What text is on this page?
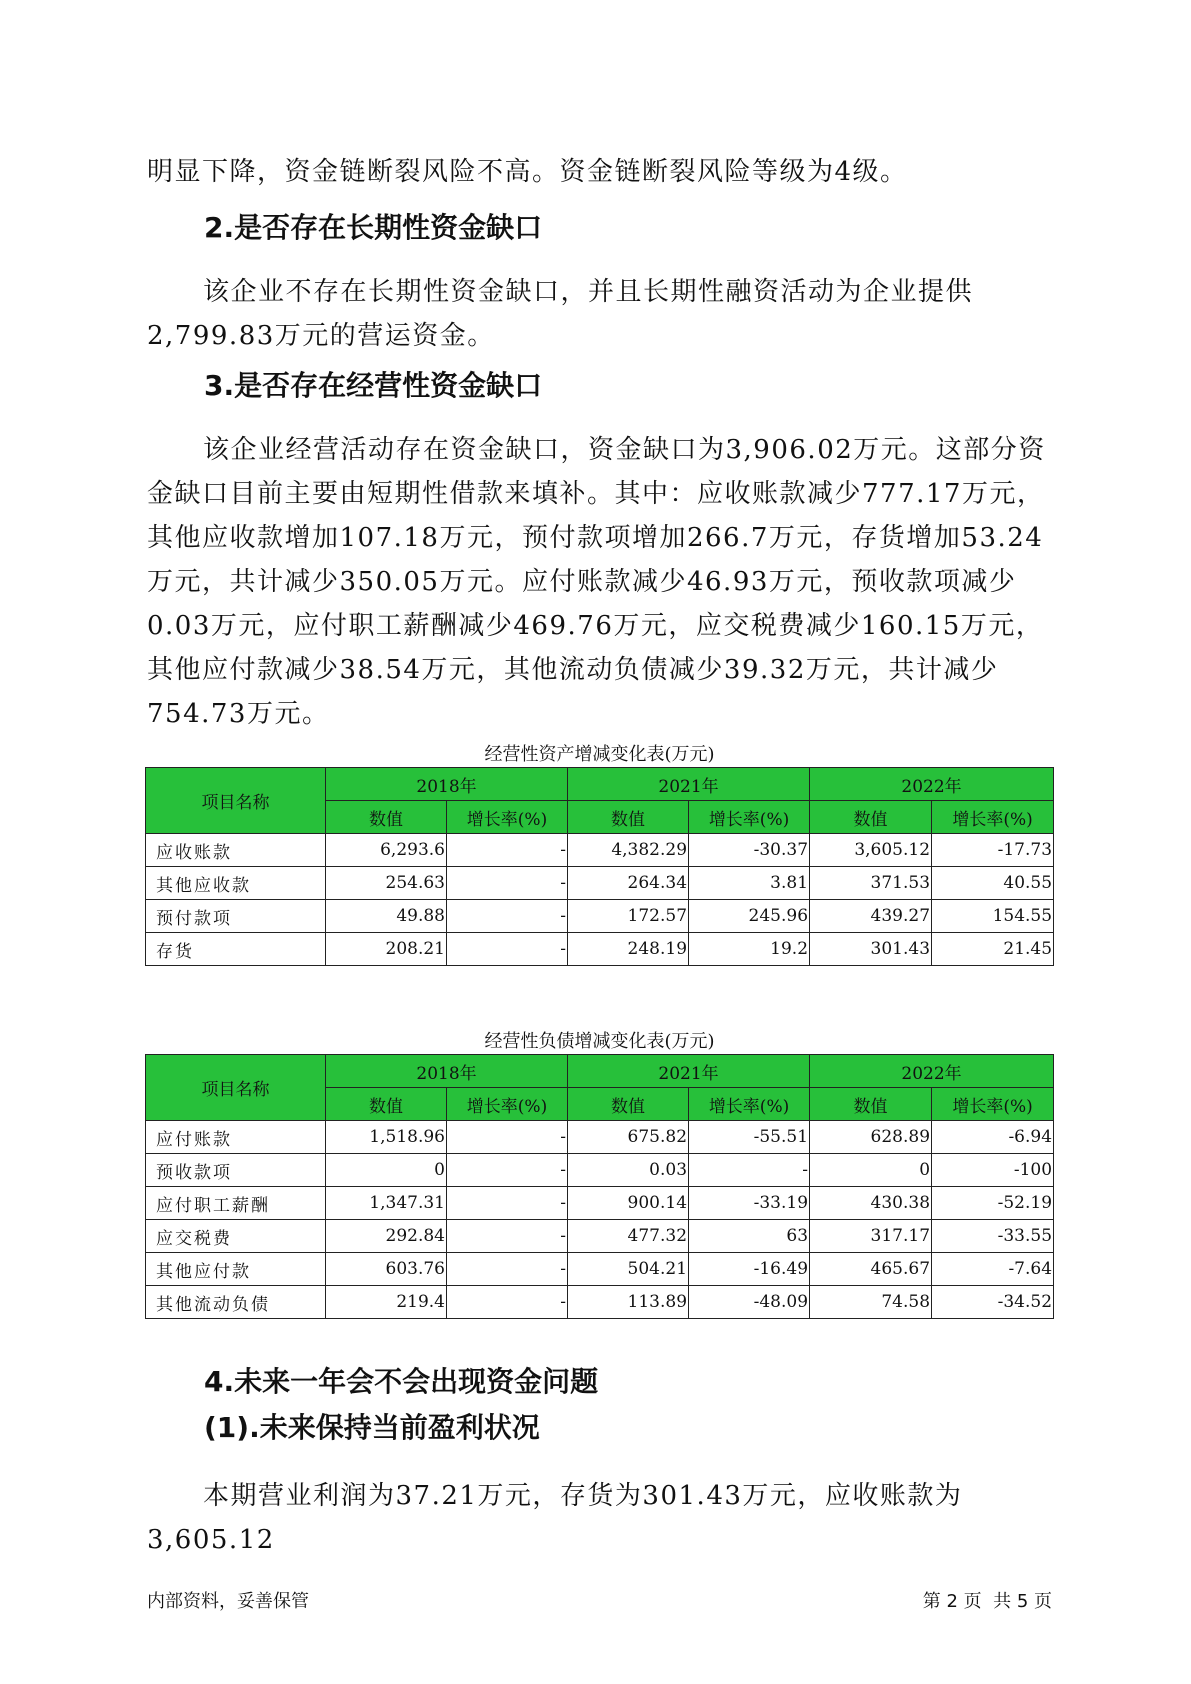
明显下降，资金链断裂风险不高。资金链断裂风险等级为4级。

2.是否存在长期性资金缺口

该企业不存在长期性资金缺口，并且长期性融资活动为企业提供2,799.83万元的营运资金。

3.是否存在经营性资金缺口

该企业经营活动存在资金缺口，资金缺口为3,906.02万元。这部分资金缺口目前主要由短期性借款来填补。其中：应收账款减少777.17万元，其他应收款增加107.18万元，预付款项增加266.7万元，存货增加53.24万元，共计减少350.05万元。应付账款减少46.93万元，预收款项减少0.03万元，应付职工薪酬减少469.76万元，应交税费减少160.15万元，其他应付款减少38.54万元，其他流动负债减少39.32万元，共计减少754.73万元。

经营性资产增减变化表(万元)
项目名称	2018年		2021年		2022年	
	数值	增长率(%)	数值	增长率(%)	数值	增长率(%)
应收账款	6,293.6	-	4,382.29	-30.37	3,605.12	-17.73
其他应收款	254.63	-	264.34	3.81	371.53	40.55
预付款项	49.88	-	172.57	245.96	439.27	154.55
存货	208.21	-	248.19	19.2	301.43	21.45
经营性负债增减变化表(万元)
项目名称	2018年		2021年		2022年	
	数值	增长率(%)	数值	增长率(%)	数值	增长率(%)
应付账款	1,518.96	-	675.82	-55.51	628.89	-6.94
预收款项	0	-	0.03	-	0	-100
应付职工薪酬	1,347.31	-	900.14	-33.19	430.38	-52.19
应交税费	292.84	-	477.32	63	317.17	-33.55
其他应付款	603.76	-	504.21	-16.49	465.67	-7.64
其他流动负债	219.4	-	113.89	-48.09	74.58	-34.52
4.未来一年会不会出现资金问题
(1).未来保持当前盈利状况

本期营业利润为37.21万元，存货为301.43万元，应收账款为3,605.12

内部资料，妥善保管	第 2 页  共 5 页
